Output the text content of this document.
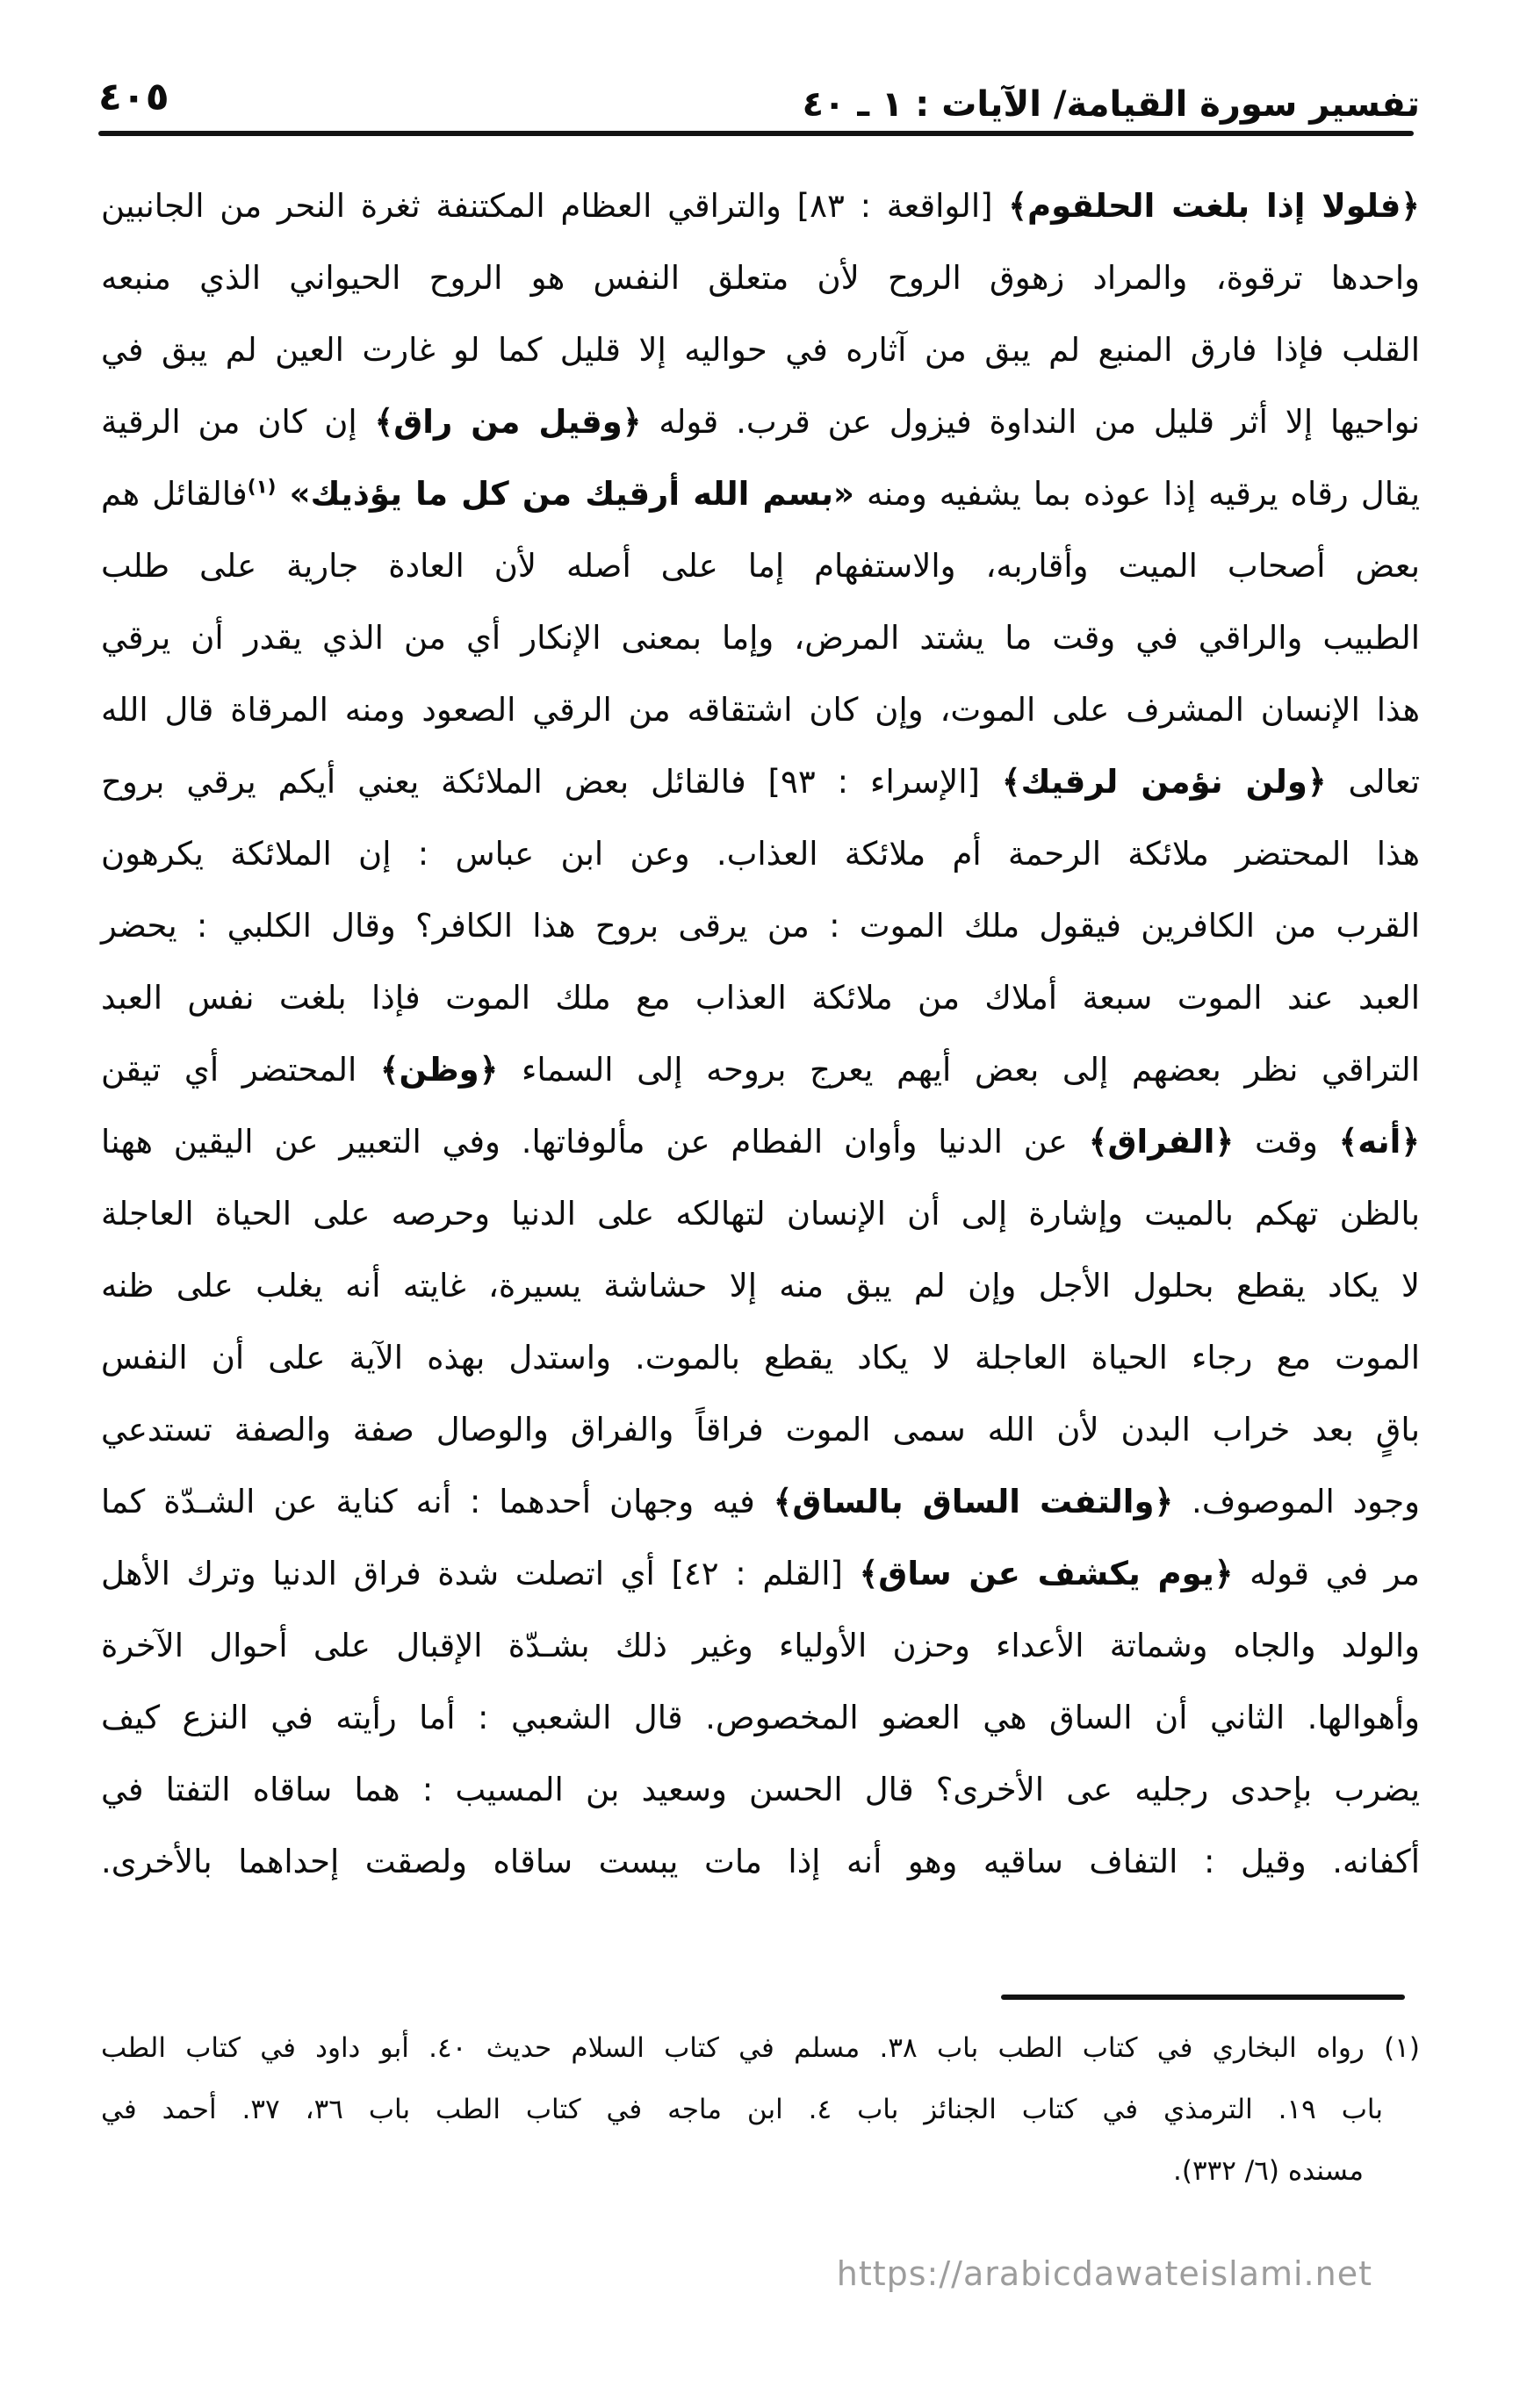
٤٠٥	تفسير سورة القيامة/ الآيات : ١ ـ ٤٠
﴿فلولا إذا بلغت الحلقوم﴾ [الواقعة : ٨٣] والتراقي العظام المكتنفة ثغرة النحر من الجانبين
واحدها ترقوة، والمراد زهوق الروح لأن متعلق النفس هو الروح الحيواني الذي منبعه
القلب فإذا فارق المنبع لم يبق من آثاره في حواليه إلا قليل كما لو غارت العين لم يبق في
نواحيها إلا أثر قليل من النداوة فيزول عن قرب. قوله ﴿وقيل من راق﴾ إن كان من الرقية
يقال رقاه يرقيه إذا عوذه بما يشفيه ومنه «بسم الله أرقيك من كل ما يؤذيك» $^{(١)}$فالقائل هم
بعض أصحاب الميت وأقاربه، والاستفهام إما على أصله لأن العادة جارية على طلب
الطبيب والراقي في وقت ما يشتد المرض، وإما بمعنى الإنكار أي من الذي يقدر أن يرقي
هذا الإنسان المشرف على الموت، وإن كان اشتقاقه من الرقي الصعود ومنه المرقاة قال الله
تعالى ﴿ولن نؤمن لرقيك﴾ [الإسراء : ٩٣] فالقائل بعض الملائكة يعني أيكم يرقي بروح
هذا المحتضر ملائكة الرحمة أم ملائكة العذاب. وعن ابن عباس : إن الملائكة يكرهون
القرب من الكافرين فيقول ملك الموت : من يرقى بروح هذا الكافر؟ وقال الكلبي : يحضر
العبد عند الموت سبعة أملاك من ملائكة العذاب مع ملك الموت فإذا بلغت نفس العبد
التراقي نظر بعضهم إلى بعض أيهم يعرج بروحه إلى السماء ﴿وظن﴾ المحتضر أي تيقن
﴿أنه﴾ وقت ﴿الفراق﴾ عن الدنيا وأوان الفطام عن مألوفاتها. وفي التعبير عن اليقين ههنا
بالظن تهكم بالميت وإشارة إلى أن الإنسان لتهالكه على الدنيا وحرصه على الحياة العاجلة
لا يكاد يقطع بحلول الأجل وإن لم يبق منه إلا حشاشة يسيرة، غايته أنه يغلب على ظنه
الموت مع رجاء الحياة العاجلة لا يكاد يقطع بالموت. واستدل بهذه الآية على أن النفس
باقٍ بعد خراب البدن لأن الله سمى الموت فراقاً والفراق والوصال صفة والصفة تستدعي
وجود الموصوف. ﴿والتفت الساق بالساق﴾ فيه وجهان أحدهما : أنه كناية عن الشـدّة كما
مر في قوله ﴿يوم يكشف عن ساق﴾ [القلم : ٤٢] أي اتصلت شدة فراق الدنيا وترك الأهل
والولد والجاه وشماتة الأعداء وحزن الأولياء وغير ذلك بشـدّة الإقبال على أحوال الآخرة
وأهوالها. الثاني أن الساق هي العضو المخصوص. قال الشعبي : أما رأيته في النزع كيف
يضرب بإحدى رجليه عى الأخرى؟ قال الحسن وسعيد بن المسيب : هما ساقاه التفتا في
أكفانه. وقيل : التفاف ساقيه وهو أنه إذا مات يبست ساقاه ولصقت إحداهما بالأخرى.
(١) رواه البخاري في كتاب الطب باب ٣٨. مسلم في كتاب السلام حديث ٤٠. أبو داود في كتاب الطب
باب ١٩. الترمذي في كتاب الجنائز باب ٤. ابن ماجه في كتاب الطب باب ٣٦، ٣٧. أحمد في
مسنده (٦/ ٣٣٢).
https://arabicdawateislami.net
